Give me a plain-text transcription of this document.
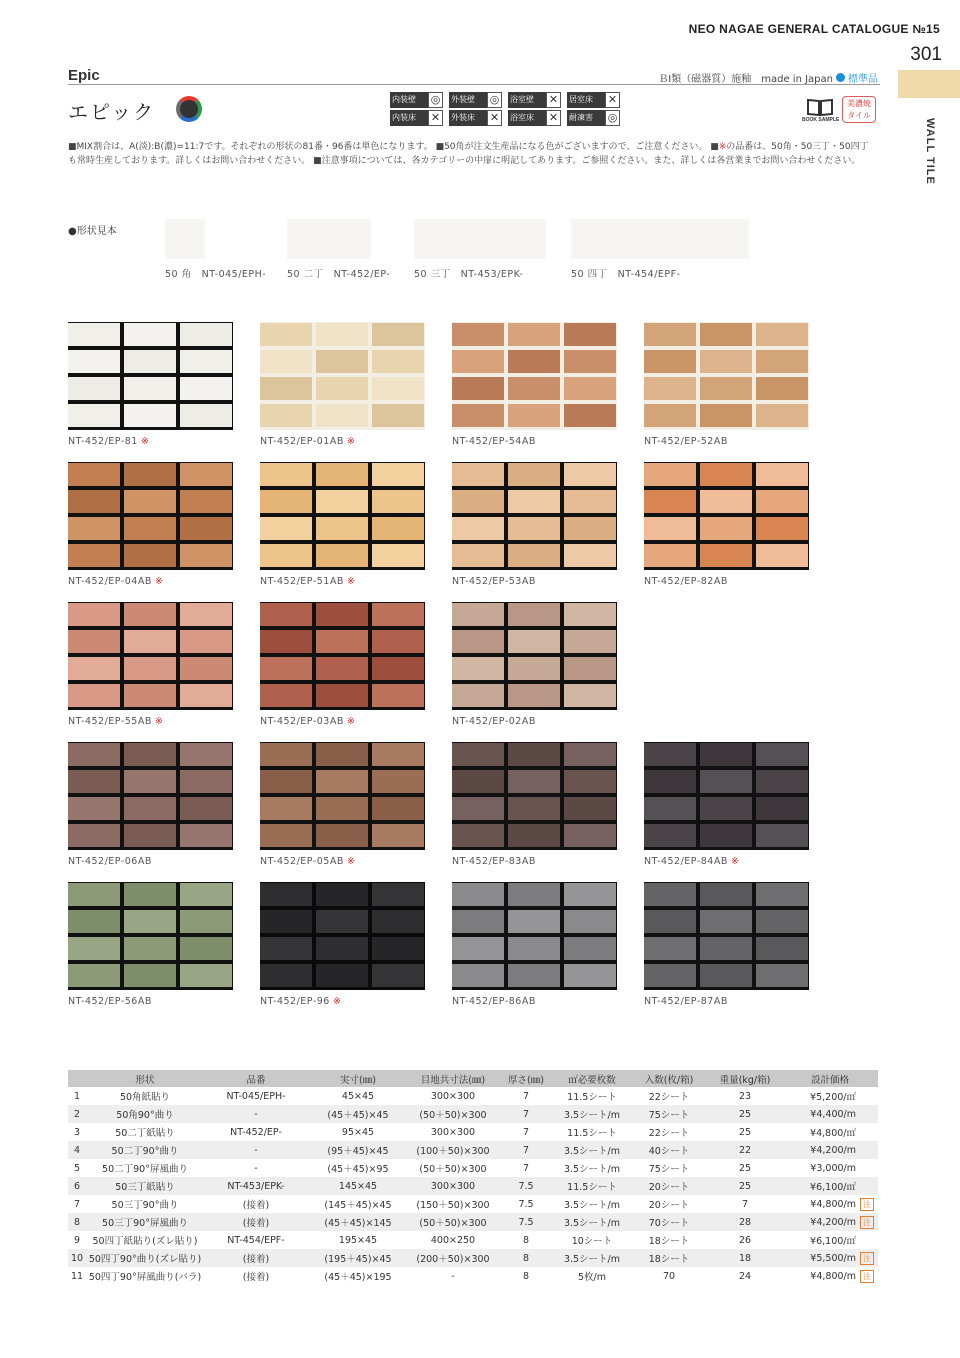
NEO NAGAE GENERAL CATALOGUE №15
301
WALL TILE
Epic	ＢⅠ類（磁器質）施釉　made in Japan 標準品
エピック
内装壁	◎	外装壁	◎	浴室壁	✕	居室床	✕
内装床	✕	外装床	✕	浴室床	✕	耐凍害	◎	BOOK SAMPLE
美濃焼
タイル
■MIX割合は、A(淡):B(濃)=11:7です。それぞれの形状の81番・96番は単色になります。 ■50角が注文生産品になる色がございますので、ご注意ください。 ■※の品番は、50角・50三丁・50四丁
も常時生産しております。詳しくはお問い合わせください。 ■注意事項については、各カテゴリーの中扉に明記してあります。ご参照ください。また、詳しくは各営業までお問い合わせください。
●形状見本
50 角　NT-045/EPH- 50 二丁　NT-452/EP- 50 三丁　NT-453/EPK-	50 四丁　NT-454/EPF-
NT-452/EP-81 ※	NT-452/EP-01AB ※	NT-452/EP-54AB	NT-452/EP-52AB
NT-452/EP-04AB ※	NT-452/EP-51AB ※	NT-452/EP-53AB	NT-452/EP-82AB
NT-452/EP-55AB ※	NT-452/EP-03AB ※	NT-452/EP-02AB
NT-452/EP-06AB	NT-452/EP-05AB ※	NT-452/EP-83AB	NT-452/EP-84AB ※
NT-452/EP-56AB	NT-452/EP-96 ※	NT-452/EP-86AB	NT-452/EP-87AB
	形状	品番	実寸(㎜)	目地共寸法(㎜)	厚さ(㎜)	㎡必要枚数	入数(枚/箱)	重量(kg/箱)	設計価格
1	50角紙貼り	NT-045/EPH-	45×45	300×300	7	11.5シート	22シート	23	¥5,200/㎡
2	50角90°曲り	-	(45＋45)×45	(50＋50)×300	7	3.5シート/m	75シート	25	¥4,400/m
3	50二丁紙貼り	NT-452/EP-	95×45	300×300	7	11.5シート	22シート	25	¥4,800/㎡
4	50二丁90°曲り	-	(95＋45)×45	(100＋50)×300	7	3.5シート/m	40シート	22	¥4,200/m
5	50二丁90°屏風曲り	-	(45＋45)×95	(50＋50)×300	7	3.5シート/m	75シート	25	¥3,000/m
6	50三丁紙貼り	NT-453/EPK-	145×45	300×300	7.5	11.5シート	20シート	25	¥6,100/㎡
7	50三丁90°曲り	(接着)	(145＋45)×45	(150＋50)×300	7.5	3.5シート/m	20シート	7	¥4,800/m 注
8	50三丁90°屏風曲り	(接着)	(45＋45)×145	(50＋50)×300	7.5	3.5シート/m	70シート	28	¥4,200/m 注
9	50四丁紙貼り(ズレ貼り)	NT-454/EPF-	195×45	400×250	8	10シート	18シート	26	¥6,100/㎡
10	50四丁90°曲り(ズレ貼り)	(接着)	(195＋45)×45	(200＋50)×300	8	3.5シート/m	18シート	18	¥5,500/m 注
11	50四丁90°屏風曲り(バラ)	(接着)	(45＋45)×195	-	8	5枚/m	70	24	¥4,800/m 注
